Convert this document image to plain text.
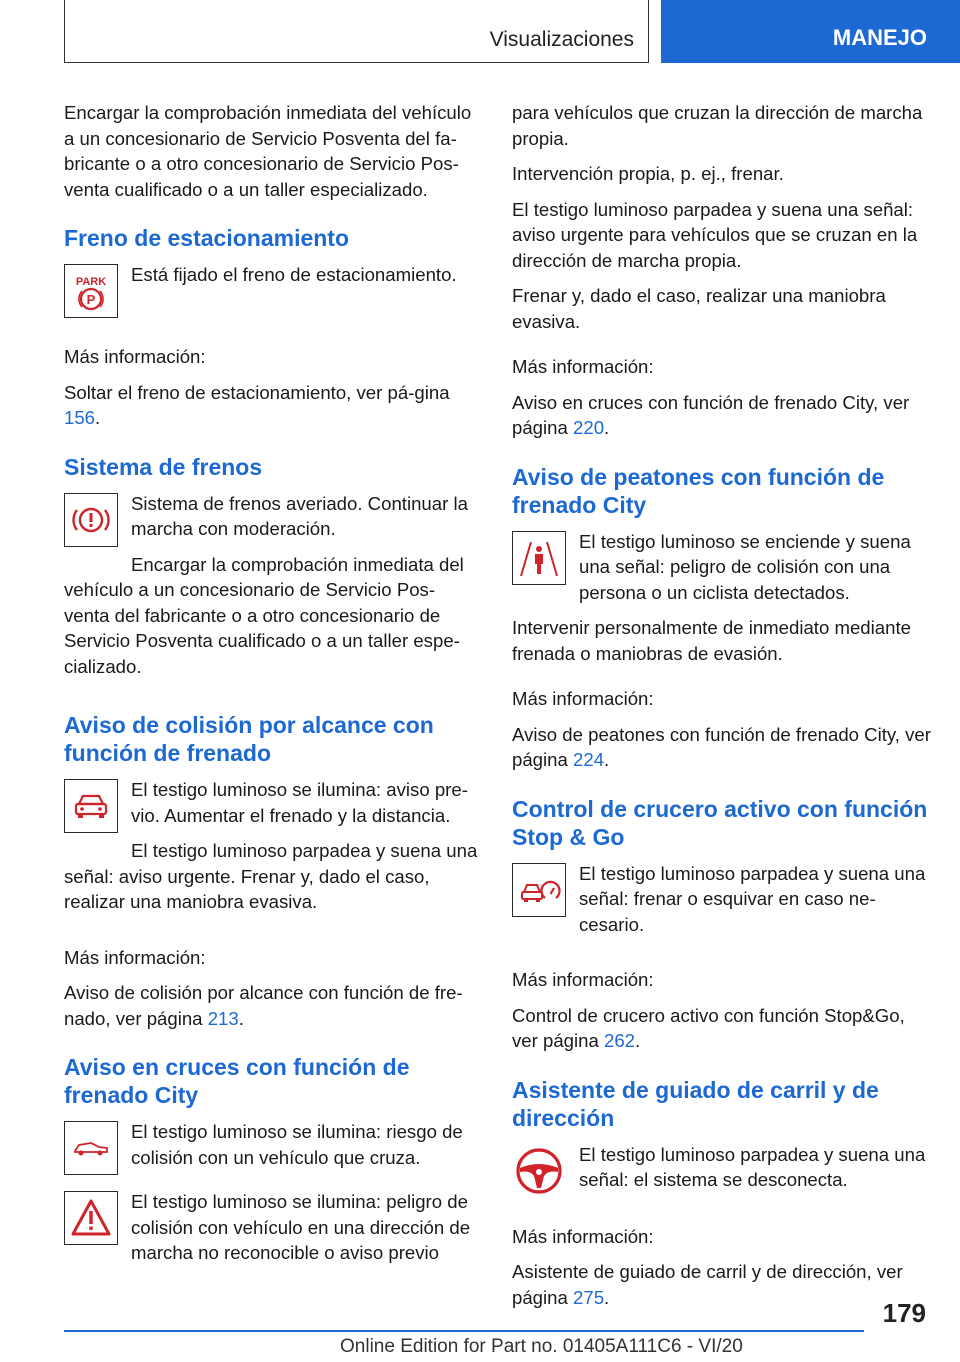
Visualizaciones	MANEJO

Encargar la comprobación inmediata del vehículo a un concesionario de Servicio Posventa del fa-bricante o a otro concesionario de Servicio Pos-venta cualificado o a un taller especializado.

Freno de estacionamiento
PARK
P

Está fijado el freno de estacionamiento.

Más información:

Soltar el freno de estacionamiento, ver pá-gina 156.

Sistema de frenos

Sistema de frenos averiado. Continuar la marcha con moderación.

Encargar la comprobación inmediata del vehículo a un concesionario de Servicio Pos-venta del fabricante o a otro concesionario de Servicio Posventa cualificado o a un taller espe-cializado.

Aviso de colisión por alcance con función de frenado

El testigo luminoso se ilumina: aviso pre-vio. Aumentar el frenado y la distancia.

El testigo luminoso parpadea y suena una señal: aviso urgente. Frenar y, dado el caso, realizar una maniobra evasiva.

Más información:

Aviso de colisión por alcance con función de fre-nado, ver página 213.

Aviso en cruces con función de frenado City

El testigo luminoso se ilumina: riesgo de colisión con un vehículo que cruza.

El testigo luminoso se ilumina: peligro de colisión con vehículo en una dirección de marcha no reconocible o aviso previo

para vehículos que cruzan la dirección de marcha propia.

Intervención propia, p. ej., frenar.

El testigo luminoso parpadea y suena una señal: aviso urgente para vehículos que se cruzan en la dirección de marcha propia.

Frenar y, dado el caso, realizar una maniobra evasiva.

Más información:

Aviso en cruces con función de frenado City, ver página 220.

Aviso de peatones con función de frenado City

El testigo luminoso se enciende y suena una señal: peligro de colisión con una persona o un ciclista detectados.

Intervenir personalmente de inmediato mediante frenada o maniobras de evasión.

Más información:

Aviso de peatones con función de frenado City, ver página 224.

Control de crucero activo con función Stop & Go

El testigo luminoso parpadea y suena una señal: frenar o esquivar en caso ne-cesario.

Más información:

Control de crucero activo con función Stop&Go, ver página 262.

Asistente de guiado de carril y de dirección

El testigo luminoso parpadea y suena una señal: el sistema se desconecta.

Más información:

Asistente de guiado de carril y de dirección, ver página 275.

179
Online Edition for Part no. 01405A111C6 - VI/20
